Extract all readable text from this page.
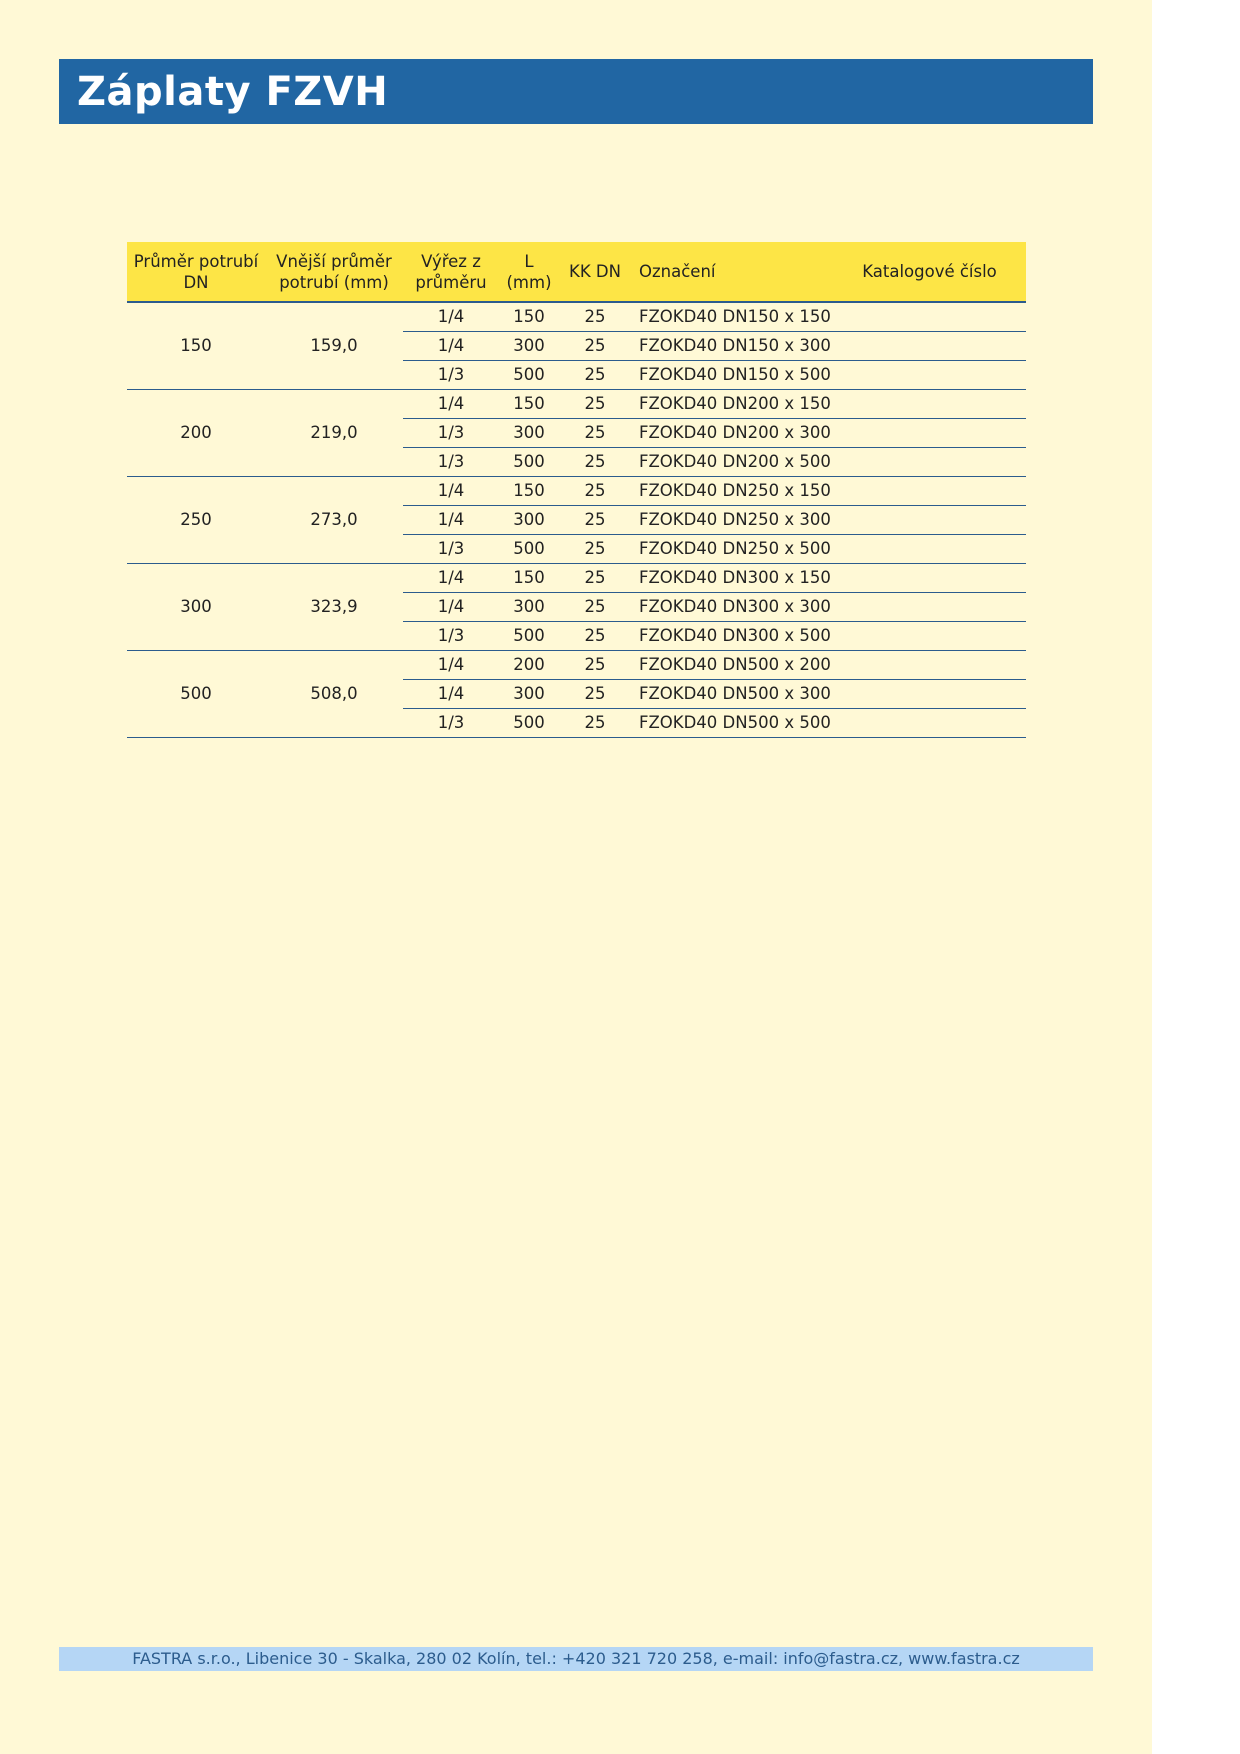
Záplaty FZVH
Průměr potrubí DN	Vnější průměr potrubí (mm)	Výřez z průměru	L (mm)	KK DN	Označení	Katalogové číslo
150	159,0	1/4	150	25	FZOKD40 DN150 x 150	
		1/4	300	25	FZOKD40 DN150 x 300	
		1/3	500	25	FZOKD40 DN150 x 500	
200	219,0	1/4	150	25	FZOKD40 DN200 x 150	
		1/3	300	25	FZOKD40 DN200 x 300	
		1/3	500	25	FZOKD40 DN200 x 500	
250	273,0	1/4	150	25	FZOKD40 DN250 x 150	
		1/4	300	25	FZOKD40 DN250 x 300	
		1/3	500	25	FZOKD40 DN250 x 500	
300	323,9	1/4	150	25	FZOKD40 DN300 x 150	
		1/4	300	25	FZOKD40 DN300 x 300	
		1/3	500	25	FZOKD40 DN300 x 500	
500	508,0	1/4	200	25	FZOKD40 DN500 x 200	
		1/4	300	25	FZOKD40 DN500 x 300	
		1/3	500	25	FZOKD40 DN500 x 500	
FASTRA s.r.o., Libenice 30 - Skalka, 280 02 Kolín, tel.: +420 321 720 258, e-mail: info@fastra.cz, www.fastra.cz
